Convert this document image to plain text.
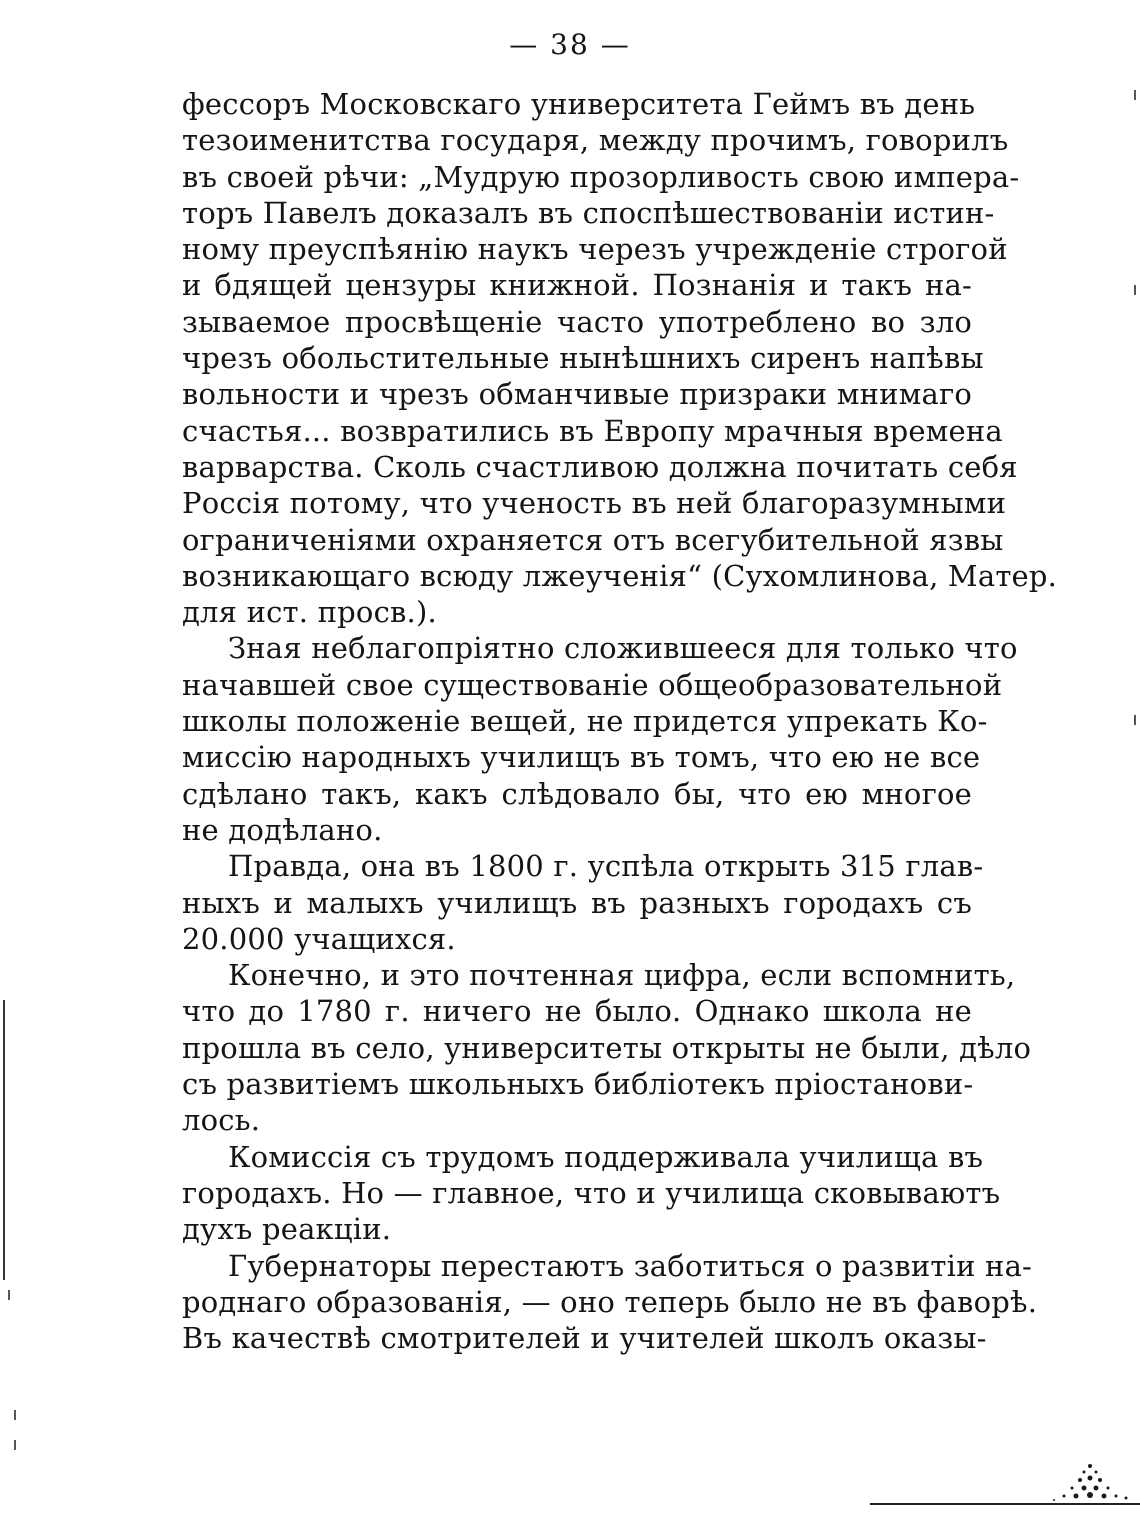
— 38 —
фессоръ Московскаго университета Геймъ въ день
тезоименитства государя, между прочимъ, говорилъ
въ своей рѣчи: „Мудрую прозорливость свою импера-
торъ Павелъ доказалъ въ споспѣшествованіи истин-
ному преуспѣянію наукъ черезъ учрежденіе строгой
и бдящей цензуры книжной. Познанія и такъ на-
зываемое просвѣщеніе часто употреблено во зло
чрезъ обольстительные нынѣшнихъ сиренъ напѣвы
вольности и чрезъ обманчивые призраки мнимаго
счастья... возвратились въ Европу мрачныя времена
варварства. Сколь счастливою должна почитать себя
Россія потому, что ученость въ ней благоразумными
ограниченіями охраняется отъ всегубительной язвы
возникающаго всюду лжеученія“ (Сухомлинова, Матер.
для ист. просв.).
Зная неблагопріятно сложившееся для только что
начавшей свое существованіе общеобразовательной
школы положеніе вещей, не придется упрекать Ко-
миссію народныхъ училищъ въ томъ, что ею не все
сдѣлано такъ, какъ слѣдовало бы, что ею многое
не додѣлано.
Правда, она въ 1800 г. успѣла открыть 315 глав-
ныхъ и малыхъ училищъ въ разныхъ городахъ съ
20.000 учащихся.
Конечно, и это почтенная цифра, если вспомнить,
что до 1780 г. ничего не было. Однако школа не
прошла въ село, университеты открыты не были, дѣло
съ развитіемъ школьныхъ библіотекъ пріостанови-
лось.
Комиссія съ трудомъ поддерживала училища въ
городахъ. Но — главное, что и училища сковываютъ
духъ реакціи.
Губернаторы перестаютъ заботиться о развитіи на-
роднаго образованія, — оно теперь было не въ фаворѣ.
Въ качествѣ смотрителей и учителей школъ оказы-
